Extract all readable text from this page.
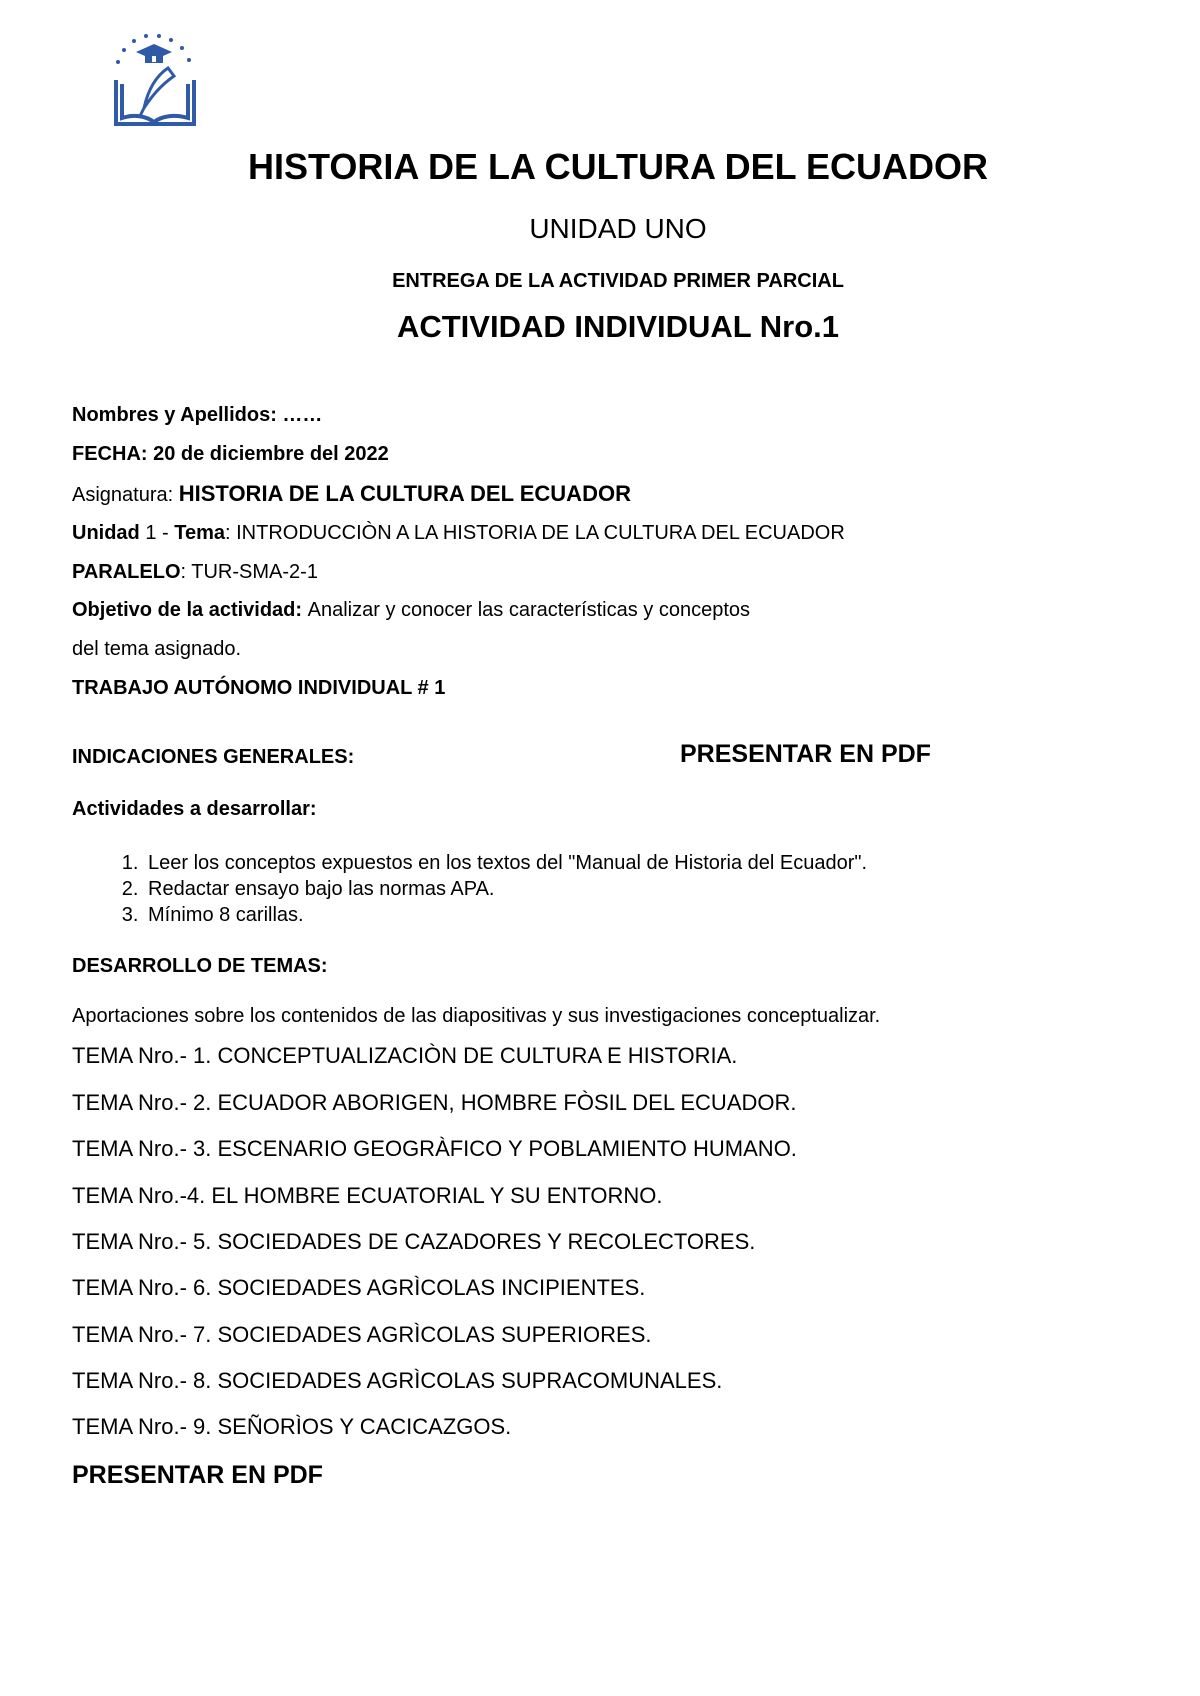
HISTORIA DE LA CULTURA DEL ECUADOR
UNIDAD UNO
ENTREGA DE LA ACTIVIDAD PRIMER PARCIAL
ACTIVIDAD INDIVIDUAL Nro.1
Nombres y Apellidos: ……
FECHA: 20 de diciembre del 2022
Asignatura: HISTORIA DE LA CULTURA DEL ECUADOR
Unidad 1 - Tema: INTRODUCCIÒN A LA HISTORIA DE LA CULTURA DEL ECUADOR
PARALELO: TUR-SMA-2-1
Objetivo de la actividad: Analizar y conocer las características y conceptos
del tema asignado.
TRABAJO AUTÓNOMO INDIVIDUAL # 1
INDICACIONES GENERALES:	PRESENTAR EN PDF
Actividades a desarrollar:
1. Leer los conceptos expuestos en los textos del "Manual de Historia del Ecuador".
2. Redactar ensayo bajo las normas APA.
3. Mínimo 8 carillas.
DESARROLLO DE TEMAS:
Aportaciones sobre los contenidos de las diapositivas y sus investigaciones conceptualizar.
TEMA Nro.- 1. CONCEPTUALIZACIÒN DE CULTURA E HISTORIA.
TEMA Nro.- 2. ECUADOR ABORIGEN, HOMBRE FÒSIL DEL ECUADOR.
TEMA Nro.- 3. ESCENARIO GEOGRÀFICO Y POBLAMIENTO HUMANO.
TEMA Nro.-4. EL HOMBRE ECUATORIAL Y SU ENTORNO.
TEMA Nro.- 5. SOCIEDADES DE CAZADORES Y RECOLECTORES.
TEMA Nro.- 6. SOCIEDADES AGRÌCOLAS INCIPIENTES.
TEMA Nro.- 7. SOCIEDADES AGRÌCOLAS SUPERIORES.
TEMA Nro.- 8. SOCIEDADES AGRÌCOLAS SUPRACOMUNALES.
TEMA Nro.- 9. SEÑORÌOS Y CACICAZGOS.
PRESENTAR EN PDF
